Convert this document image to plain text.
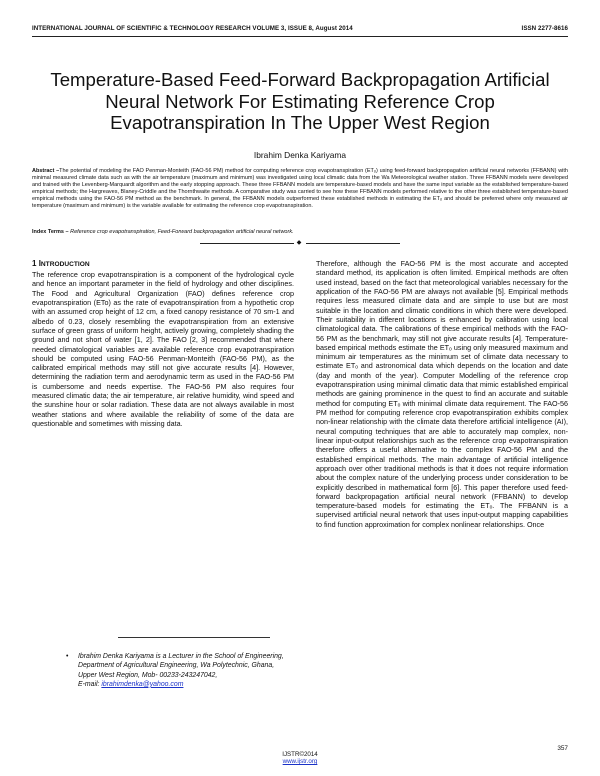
INTERNATIONAL JOURNAL OF SCIENTIFIC & TECHNOLOGY RESEARCH VOLUME 3, ISSUE 8, August 2014	ISSN 2277-8616
Temperature-Based Feed-Forward Backpropagation Artificial Neural Network For Estimating Reference Crop Evapotranspiration In The Upper West Region
Ibrahim Denka Kariyama
Abstract –The potential of modeling the FAO Penman-Monteith (FAO-56 PM) method for computing reference crop evapotranspiration (ETₒ) using feed-forward backpropagation artificial neural networks (FFBANN) with minimal measured climate data such as with the air temperature (maximum and minimum) was investigated using local climatic data from the Wa Meteorological weather station. Three FFBANN models were developed and trained with the Levenberg-Marquardt algorithm and the early stopping approach. These three FFBANN models are temperature-based models and have the same input variable as the established temperature-based empirical methods; the Hargreaves, Blaney-Criddle and the Thornthwaite methods. A comparative study was carried to see how these FFBANN models performed relative to the other three established temperature-based empirical methods using the FAO-56 PM method as the benchmark. In general, the FFBANN models outperformed these established methods in estimating the ETₒ and should be preferred where only measured air temperature (maximum and minimum) is the variable available for estimating the reference crop evapotranspiration.
Index Terms – Reference crop evapotranspiration, Feed-Forward backpropagation artificial neural network.
◆
1 INTRODUCTION

The reference crop evapotranspiration is a component of the hydrological cycle and hence an important parameter in the field of hydrology and other disciplines. The Food and Agricultural Organization (FAO) defines reference crop evapotranspiration (ETo) as the rate of evapotranspiration from a hypothetic crop with an assumed crop height of 12 cm, a fixed canopy resistance of 70 sm-1 and albedo of 0.23, closely resembling the evapotranspiration from an extensive surface of green grass of uniform height, actively growing, completely shading the ground and not short of water [1, 2]. The FAO [2, 3] recommended that where needed climatological variables are available reference crop evapotranspiration should be computed using FAO-56 Penman-Monteith (FAO-56 PM), as the calibrated empirical methods may still not give accurate results [4]. However, determining the radiation term and aerodynamic term as used in the FAO-56 PM is cumbersome and needs expertise. The FAO-56 PM also requires four measured climatic data; the air temperature, air relative humidity, wind speed and the sunshine hour or solar radiation. These data are not always available in most weather stations and where available the reliability of some of the data are questionable and sometimes with missing data.

Therefore, although the FAO-56 PM is the most accurate and accepted standard method, its application is often limited. Empirical methods are often used instead, based on the fact that meteorological variables necessary for the application of the FAO-56 PM are always not available [5]. Empirical methods requires less measured climate data and are simple to use but are most suitable in the location and climatic conditions in which there were developed. Their suitability in different locations is enhanced by calibration using local climatological data. The calibrations of these empirical methods with the FAO-56 PM as the benchmark, may still not give accurate results [4]. Temperature-based empirical methods estimate the ETₒ using only measured maximum and minimum air temperatures as the minimum set of climate data necessary to estimate ETₒ and astronomical data which depends on the location and date (day and month of the year). Computer Modelling of the reference crop evapotranspiration using minimal climatic data that mimic established empirical methods are gaining prominence in the quest to find an accurate and suitable method for computing ETₒ with minimal climate data requirement. The FAO-56 PM method for computing reference crop evapotranspiration exhibits complex non-linear relationship with the climate data therefore artificial intelligence (AI), neural computing techniques that are able to accurately map complex, non-linear input-output relationships such as the reference crop evapotranspiration therefore offers a useful alternative to the complex FAO-56 PM and the established empirical methods. The main advantage of artificial intelligence approach over other traditional methods is that it does not require information about the complex nature of the underlying process under consideration to be explicitly described in mathematical form [6]. This paper therefore used feed-forward backpropagation artificial neural network (FFBANN) to develop temperature-based models for estimating the ETₒ. The FFBANN is a supervised artificial neural network that uses input-output mapping capabilities to find function approximation for complex nonlinear relationships. Once

• Ibrahim Denka Kariyama is a Lecturer in the School of Engineering, Department of Agricultural Engineering, Wa Polytechnic, Ghana, Upper West Region, Mob- 00233-243247042,
E-mail: ibrahimdenka@yahoo.com
357
IJSTR©2014
www.ijstr.org
